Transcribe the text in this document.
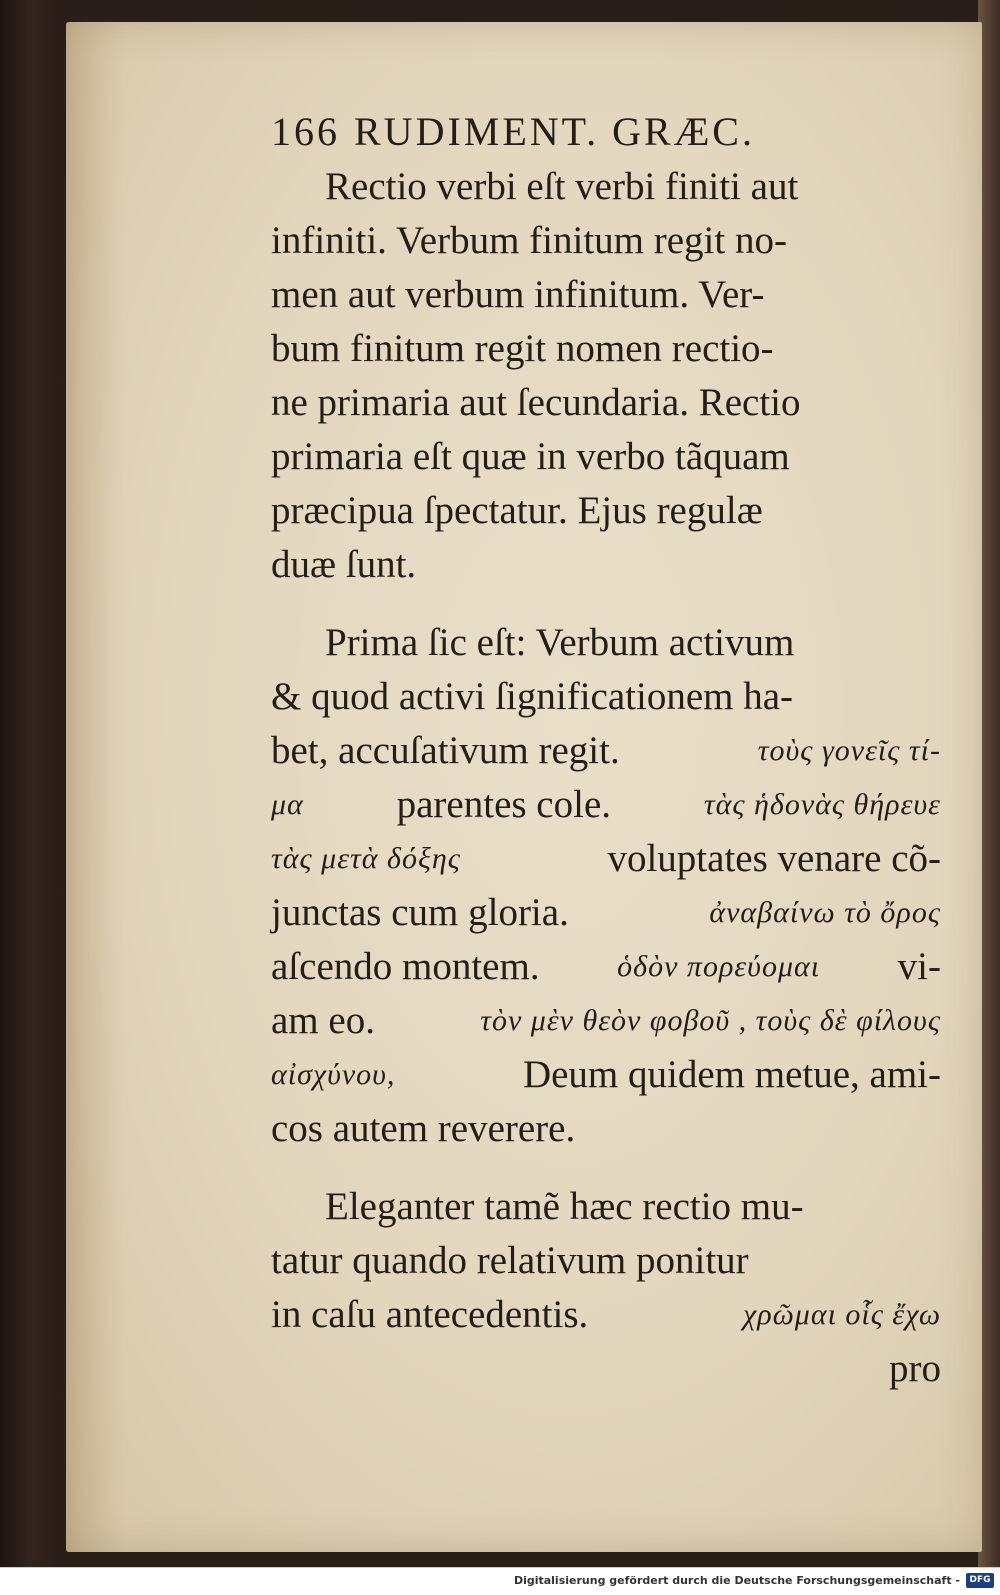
166 RUDIMENT. GRÆC.
Rectio verbi eſt verbi finiti aut
infiniti. Verbum finitum regit no-
men aut verbum infinitum. Ver-
bum finitum regit nomen rectio-
ne primaria aut ſecundaria. Rectio
primaria eſt quæ in verbo tãquam
præcipua ſpectatur. Ejus regulæ
duæ ſunt.
Prima ſic eſt: Verbum activum
& quod activi ſignificationem ha-
bet, accuſativum regit.	τοὺς γονεῖς τί-
μα parentes cole.	τὰς ἡδονὰς θήρευε
τὰς μετὰ δόξης	voluptates venare cõ-
junctas cum gloria.	ἀναβαίνω τὸ ὄρος
aſcendo montem.	ὁδὸν πορεύομαι vi-
am eo.	τὸν μὲν θεὸν φοβοῦ , τοὺς δὲ φίλους
αἰσχύνου,	Deum quidem metue, ami-
cos autem reverere.
Eleganter tamẽ hæc rectio mu-
tatur quando relativum ponitur
in caſu antecedentis.	χρῶμαι οἷς ἔχω
pro
Digitalisierung gefördert durch die Deutsche Forschungsgemeinschaft -	DFG
